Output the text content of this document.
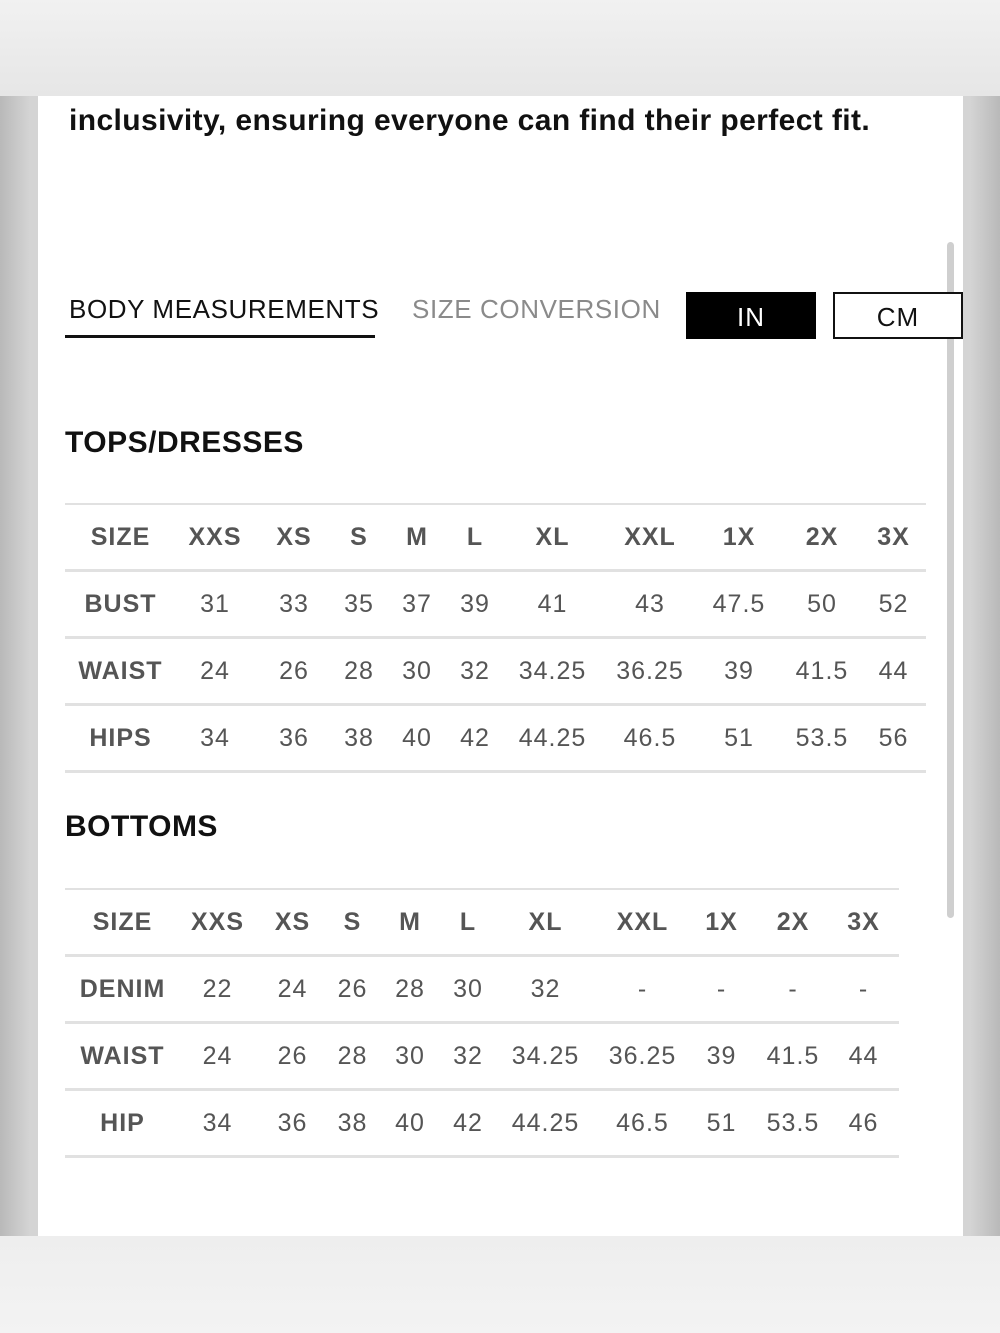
inclusivity, ensuring everyone can find their perfect fit.

BODY MEASUREMENTS SIZE CONVERSION	IN	CM
TOPS/DRESSES
SIZE	XXS	XS	S	M	L	XL	XXL	1X	2X	3X
BUST	31	33	35	37	39	41	43	47.5	50	52
WAIST	24	26	28	30	32	34.25	36.25	39	41.5	44
HIPS	34	36	38	40	42	44.25	46.5	51	53.5	56
BOTTOMS
SIZE	XXS	XS	S	M	L	XL	XXL	1X	2X	3X
DENIM	22	24	26	28	30	32	-	-	-	-
WAIST	24	26	28	30	32	34.25	36.25	39	41.5	44
HIP	34	36	38	40	42	44.25	46.5	51	53.5	46
